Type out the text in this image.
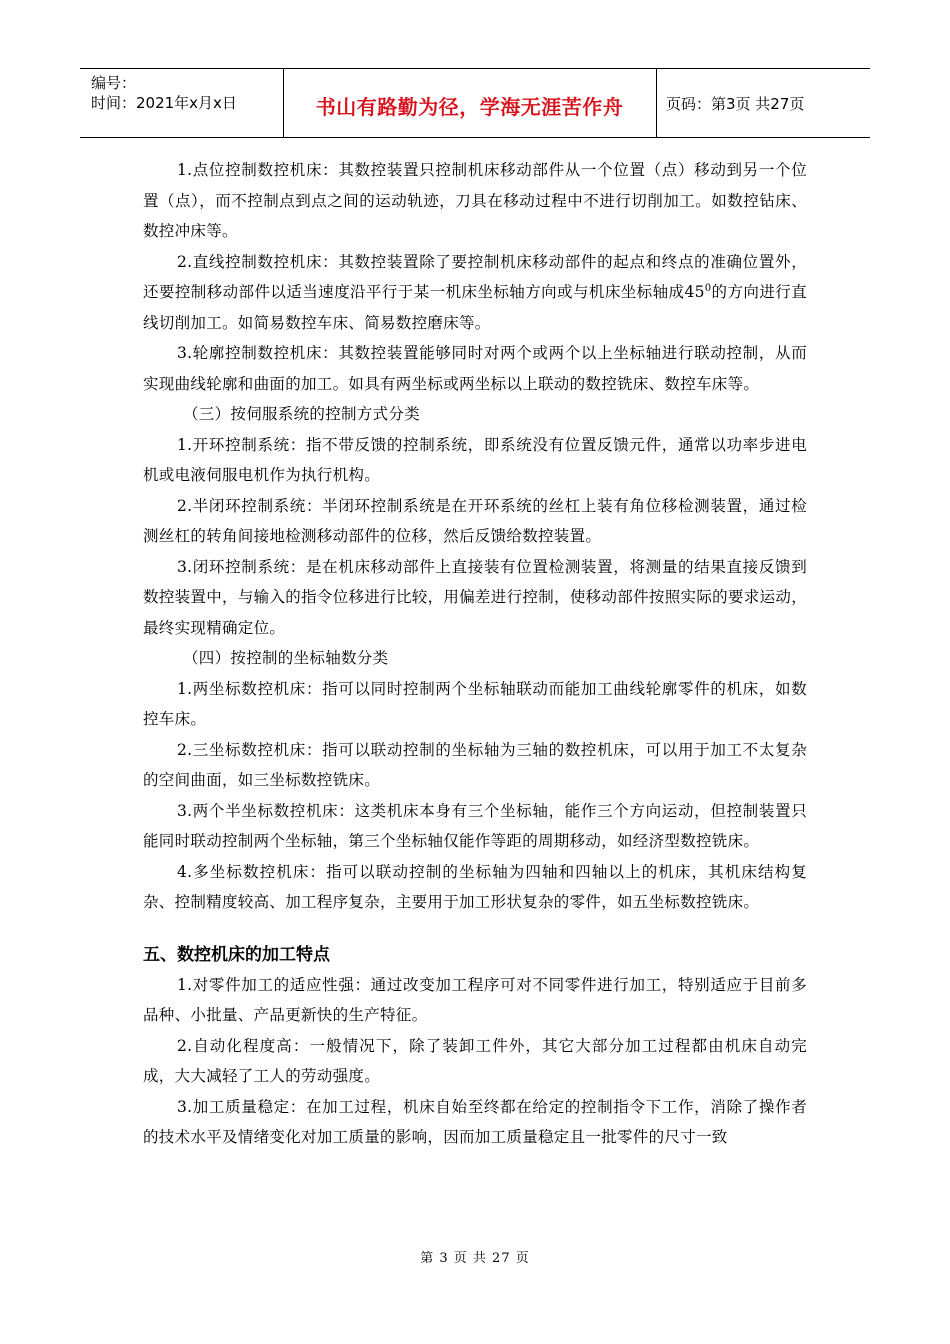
编号：
时间：2021年x月x日	书山有路勤为径，学海无涯苦作舟	页码：第3页 共27页

1.点位控制数控机床：其数控装置只控制机床移动部件从一个位置（点）移动到另一个位置（点），而不控制点到点之间的运动轨迹，刀具在移动过程中不进行切削加工。如数控钻床、数控冲床等。

2.直线控制数控机床：其数控装置除了要控制机床移动部件的起点和终点的准确位置外，还要控制移动部件以适当速度沿平行于某一机床坐标轴方向或与机床坐标轴成$45^0$的方向进行直线切削加工。如简易数控车床、简易数控磨床等。

3.轮廓控制数控机床：其数控装置能够同时对两个或两个以上坐标轴进行联动控制，从而实现曲线轮廓和曲面的加工。如具有两坐标或两坐标以上联动的数控铣床、数控车床等。

（三）按伺服系统的控制方式分类

1.开环控制系统：指不带反馈的控制系统，即系统没有位置反馈元件，通常以功率步进电机或电液伺服电机作为执行机构。

2.半闭环控制系统：半闭环控制系统是在开环系统的丝杠上装有角位移检测装置，通过检测丝杠的转角间接地检测移动部件的位移，然后反馈给数控装置。

3.闭环控制系统：是在机床移动部件上直接装有位置检测装置，将测量的结果直接反馈到数控装置中，与输入的指令位移进行比较，用偏差进行控制，使移动部件按照实际的要求运动，最终实现精确定位。

（四）按控制的坐标轴数分类

1.两坐标数控机床：指可以同时控制两个坐标轴联动而能加工曲线轮廓零件的机床，如数控车床。

2.三坐标数控机床：指可以联动控制的坐标轴为三轴的数控机床，可以用于加工不太复杂的空间曲面，如三坐标数控铣床。

3.两个半坐标数控机床：这类机床本身有三个坐标轴，能作三个方向运动，但控制装置只能同时联动控制两个坐标轴，第三个坐标轴仅能作等距的周期移动，如经济型数控铣床。

4.多坐标数控机床：指可以联动控制的坐标轴为四轴和四轴以上的机床，其机床结构复杂、控制精度较高、加工程序复杂，主要用于加工形状复杂的零件，如五坐标数控铣床。

五、数控机床的加工特点

1.对零件加工的适应性强：通过改变加工程序可对不同零件进行加工，特别适应于目前多品种、小批量、产品更新快的生产特征。

2.自动化程度高：一般情况下，除了装卸工件外，其它大部分加工过程都由机床自动完成，大大减轻了工人的劳动强度。

3.加工质量稳定：在加工过程，机床自始至终都在给定的控制指令下工作，消除了操作者的技术水平及情绪变化对加工质量的影响，因而加工质量稳定且一批零件的尺寸一致

第 3 页 共 27 页
